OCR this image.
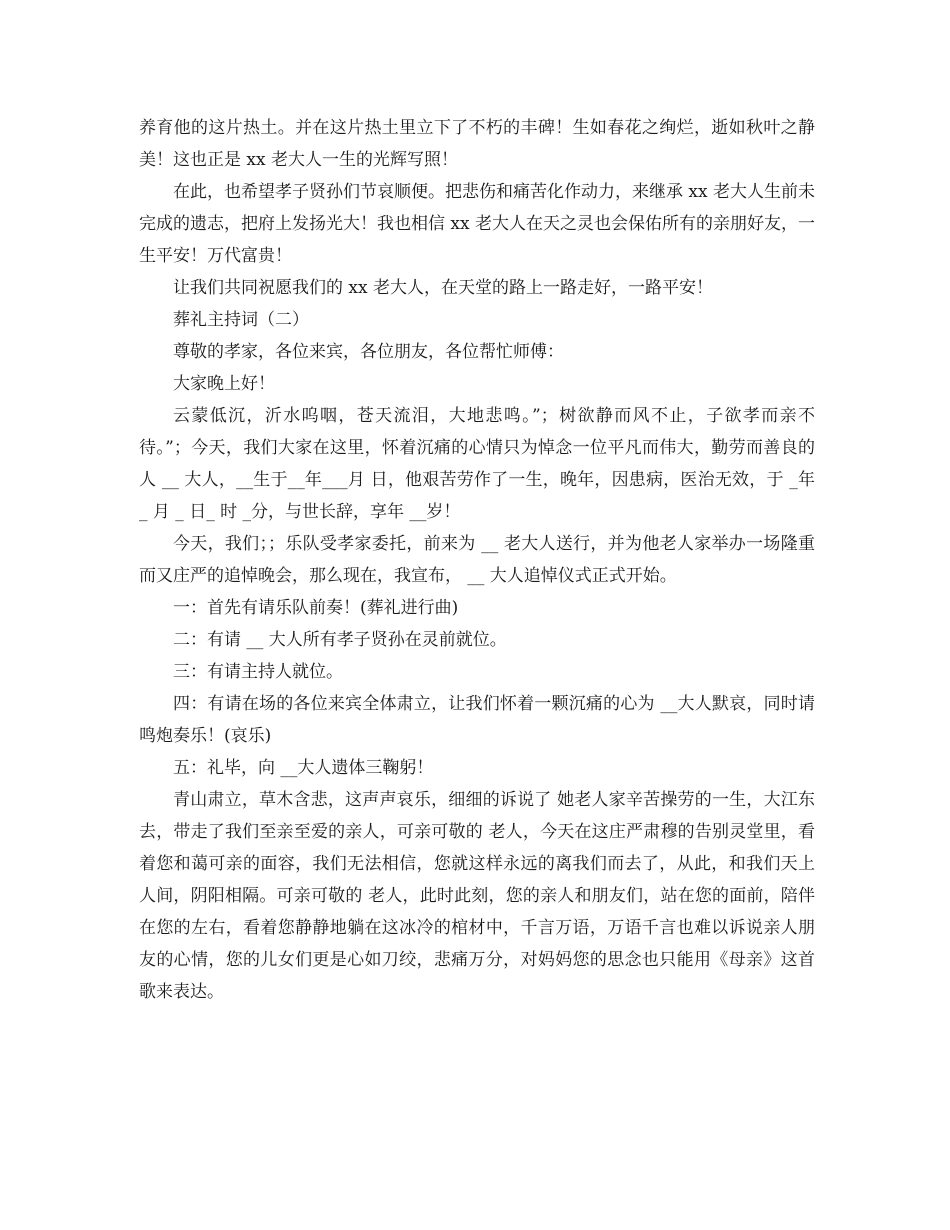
养育他的这片热土。并在这片热土里立下了不朽的丰碑！生如春花之绚烂，逝如秋叶之静美！这也正是 xx 老大人一生的光辉写照！

在此，也希望孝子贤孙们节哀顺便。把悲伤和痛苦化作动力，来继承 xx 老大人生前未完成的遗志，把府上发扬光大！我也相信 xx 老大人在天之灵也会保佑所有的亲朋好友，一生平安！万代富贵！

让我们共同祝愿我们的 xx 老大人，在天堂的路上一路走好，一路平安！

葬礼主持词（二）

尊敬的孝家，各位来宾，各位朋友，各位帮忙师傅：

大家晚上好！

云蒙低沉，沂水呜咽，苍天流泪，大地悲鸣。”；树欲静而风不止，子欲孝而亲不待。”；今天，我们大家在这里，怀着沉痛的心情只为悼念一位平凡而伟大，勤劳而善良的人 __ 大人，__生于__年___月 日，他艰苦劳作了一生，晚年，因患病，医治无效，于 _年_ 月 _ 日_ 时 _分，与世长辞，享年 __岁！

今天，我们；；乐队受孝家委托，前来为 __ 老大人送行，并为他老人家举办一场隆重而又庄严的追悼晚会，那么现在，我宣布， __ 大人追悼仪式正式开始。

一：首先有请乐队前奏！(葬礼进行曲)

二：有请 __ 大人所有孝子贤孙在灵前就位。

三：有请主持人就位。

四：有请在场的各位来宾全体肃立，让我们怀着一颗沉痛的心为 __大人默哀，同时请鸣炮奏乐！(哀乐)

五：礼毕，向 __大人遗体三鞠躬！

青山肃立，草木含悲，这声声哀乐，细细的诉说了 她老人家辛苦操劳的一生，大江东去，带走了我们至亲至爱的亲人，可亲可敬的 老人，今天在这庄严肃穆的告别灵堂里，看着您和蔼可亲的面容，我们无法相信，您就这样永远的离我们而去了，从此，和我们天上人间，阴阳相隔。可亲可敬的 老人，此时此刻，您的亲人和朋友们，站在您的面前，陪伴在您的左右，看着您静静地躺在这冰冷的棺材中，千言万语，万语千言也难以诉说亲人朋友的心情，您的儿女们更是心如刀绞，悲痛万分，对妈妈您的思念也只能用《母亲》这首歌来表达。
